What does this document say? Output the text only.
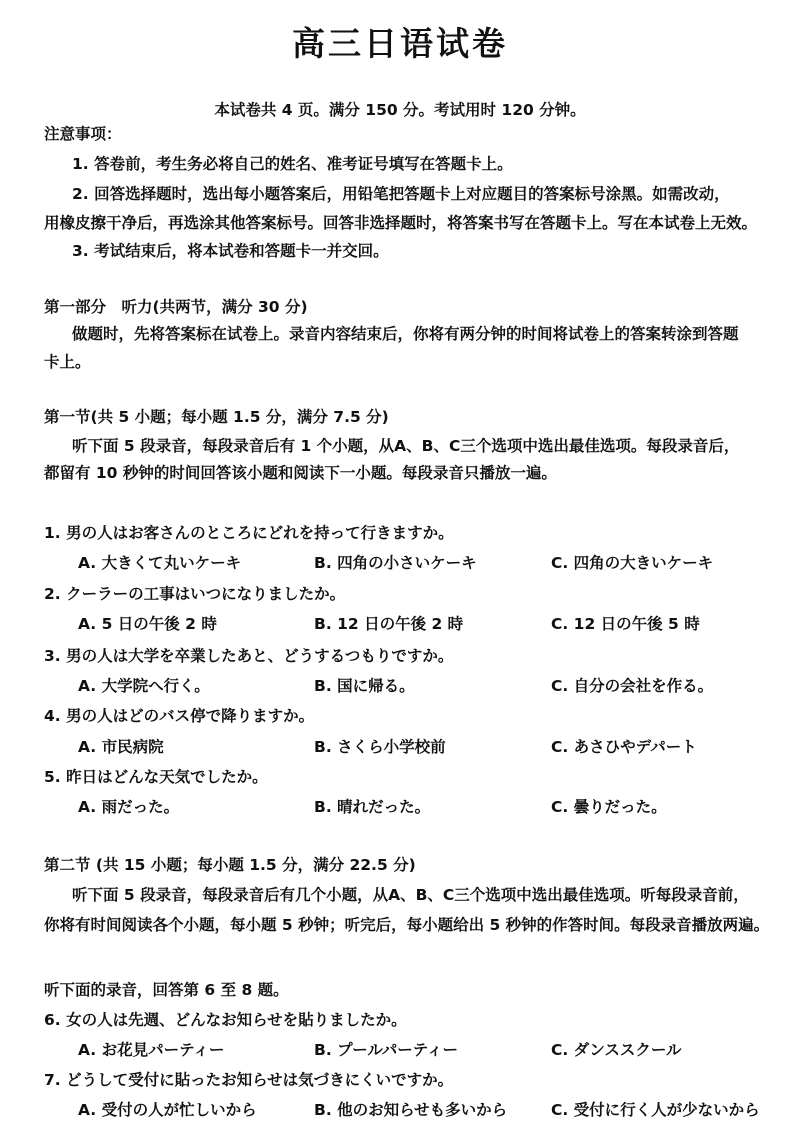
高三日语试卷
本试卷共 4 页。满分 150 分。考试用时 120 分钟。
注意事项：
1. 答卷前，考生务必将自己的姓名、准考证号填写在答题卡上。
2. 回答选择题时，选出每小题答案后，用铅笔把答题卡上对应题目的答案标号涂黑。如需改动，
用橡皮擦干净后，再选涂其他答案标号。回答非选择题时，将答案书写在答题卡上。写在本试卷上无效。
3. 考试结束后，将本试卷和答题卡一并交回。
第一部分　听力(共两节，满分 30 分)
做题时，先将答案标在试卷上。录音内容结束后，你将有两分钟的时间将试卷上的答案转涂到答题
卡上。
第一节(共 5 小题；每小题 1.5 分，满分 7.5 分)
听下面 5 段录音，每段录音后有 1 个小题，从A、B、C三个选项中选出最佳选项。每段录音后，
都留有 10 秒钟的时间回答该小题和阅读下一小题。每段录音只播放一遍。
1. 男の人はお客さんのところにどれを持って行きますか。
A. 大きくて丸いケーキ	B. 四角の小さいケーキ	C. 四角の大きいケーキ
2. クーラーの工事はいつになりましたか。
A. 5 日の午後 2 時	B. 12 日の午後 2 時	C. 12 日の午後 5 時
3. 男の人は大学を卒業したあと、どうするつもりですか。
A. 大学院へ行く。	B. 国に帰る。	C. 自分の会社を作る。
4. 男の人はどのバス停で降りますか。
A. 市民病院	B. さくら小学校前	C. あさひやデパート
5. 昨日はどんな天気でしたか。
A. 雨だった。	B. 晴れだった。	C. 曇りだった。
第二节 (共 15 小题；每小题 1.5 分，满分 22.5 分)
听下面 5 段录音，每段录音后有几个小题，从A、B、C三个选项中选出最佳选项。听每段录音前，
你将有时间阅读各个小题，每小题 5 秒钟；听完后，每小题给出 5 秒钟的作答时间。每段录音播放两遍。
听下面的录音，回答第 6 至 8 题。
6. 女の人は先週、どんなお知らせを貼りましたか。
A. お花見パーティー	B. プールパーティー	C. ダンススクール
7. どうして受付に貼ったお知らせは気づきにくいですか。
A. 受付の人が忙しいから	B. 他のお知らせも多いから	C. 受付に行く人が少ないから
